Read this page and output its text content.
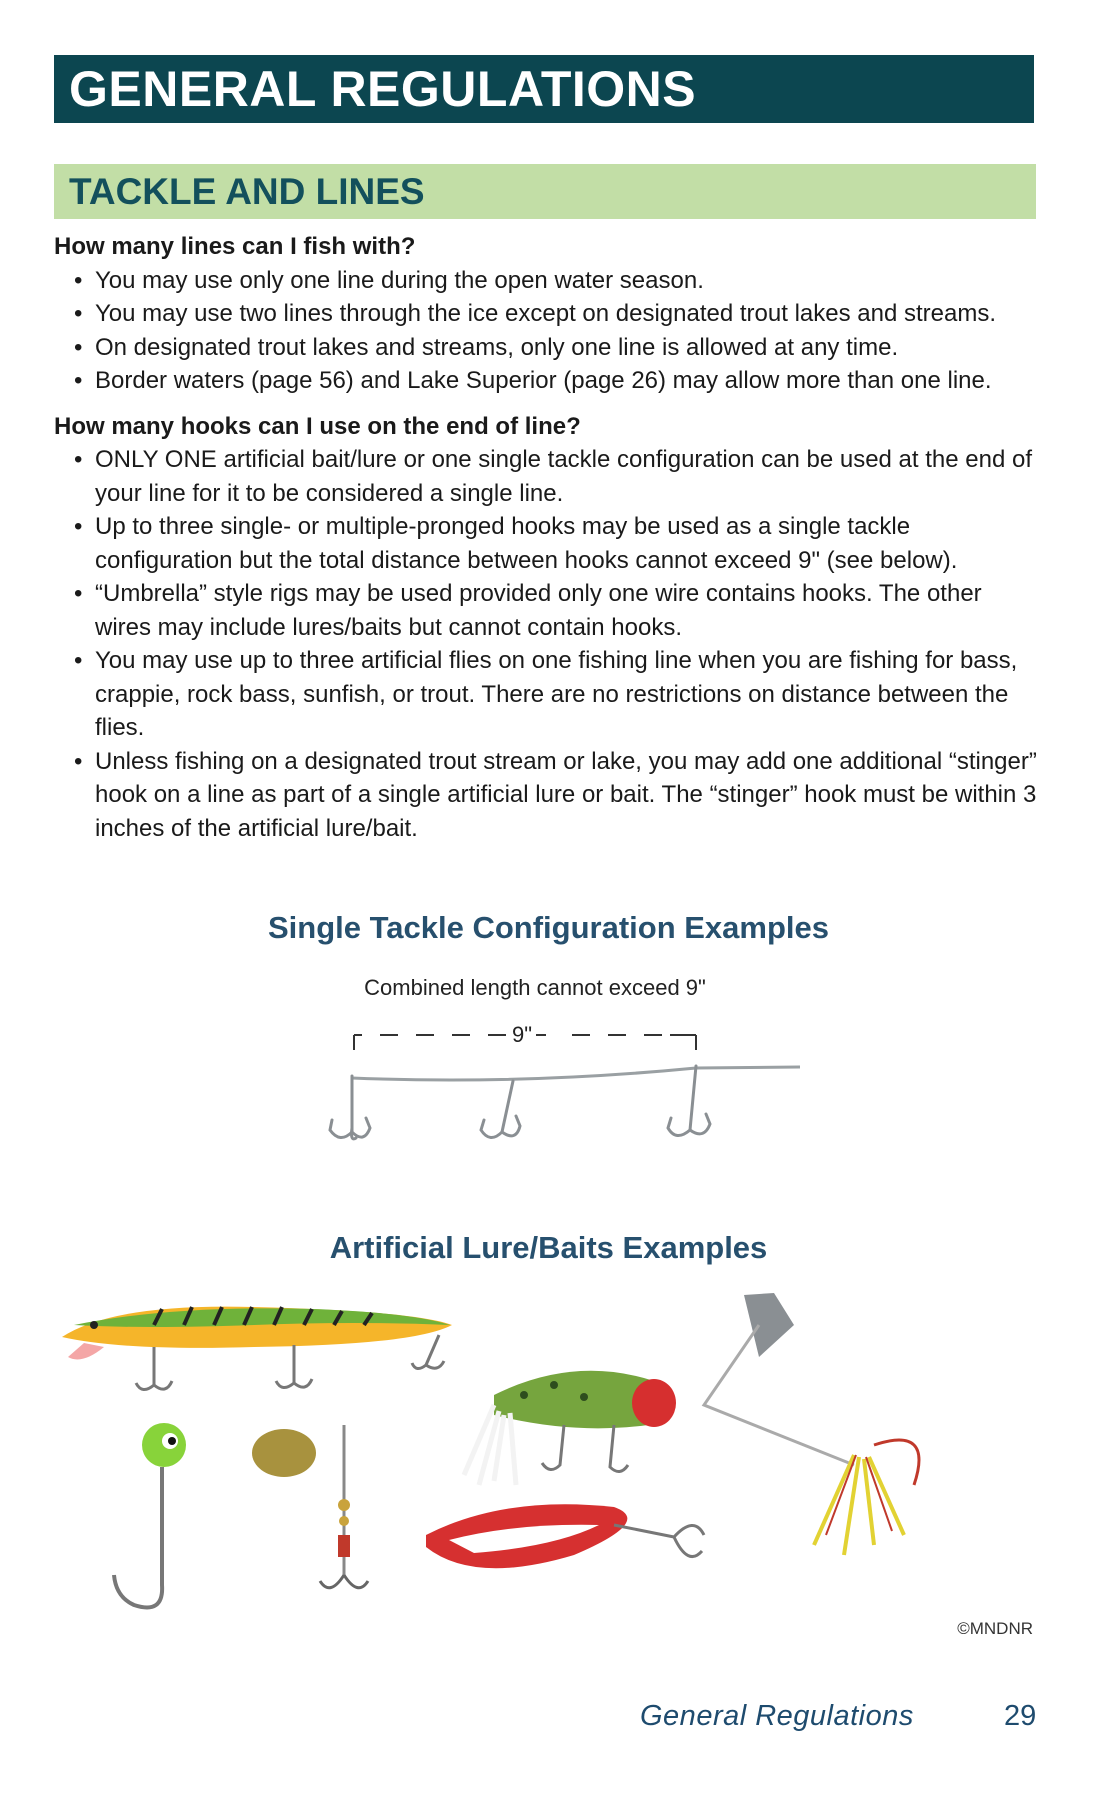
GENERAL REGULATIONS
TACKLE AND LINES

How many lines can I fish with?

• You may use only one line during the open water season.
• You may use two lines through the ice except on designated trout lakes and streams.
• On designated trout lakes and streams, only one line is allowed at any time.
• Border waters (page 56) and Lake Superior (page 26) may allow more than one line.

How many hooks can I use on the end of line?

• ONLY ONE artificial bait/lure or one single tackle configuration can be used at the end of your line for it to be considered a single line.
• Up to three single- or multiple-pronged hooks may be used as a single tackle configuration but the total distance between hooks cannot exceed 9" (see below).
• “Umbrella” style rigs may be used provided only one wire contains hooks. The other wires may include lures/baits but cannot contain hooks.
• You may use up to three artificial flies on one fishing line when you are fishing for bass, crappie, rock bass, sunfish, or trout. There are no restrictions on distance between the flies.
• Unless fishing on a designated trout stream or lake, you may add one additional “stinger” hook on a line as part of a single artificial lure or bait. The “stinger” hook must be within 3 inches of the artificial lure/bait.
Single Tackle Configuration Examples
Combined length cannot exceed 9"
9"
Artificial Lure/Baits Examples
©MNDNR
General Regulations	29
